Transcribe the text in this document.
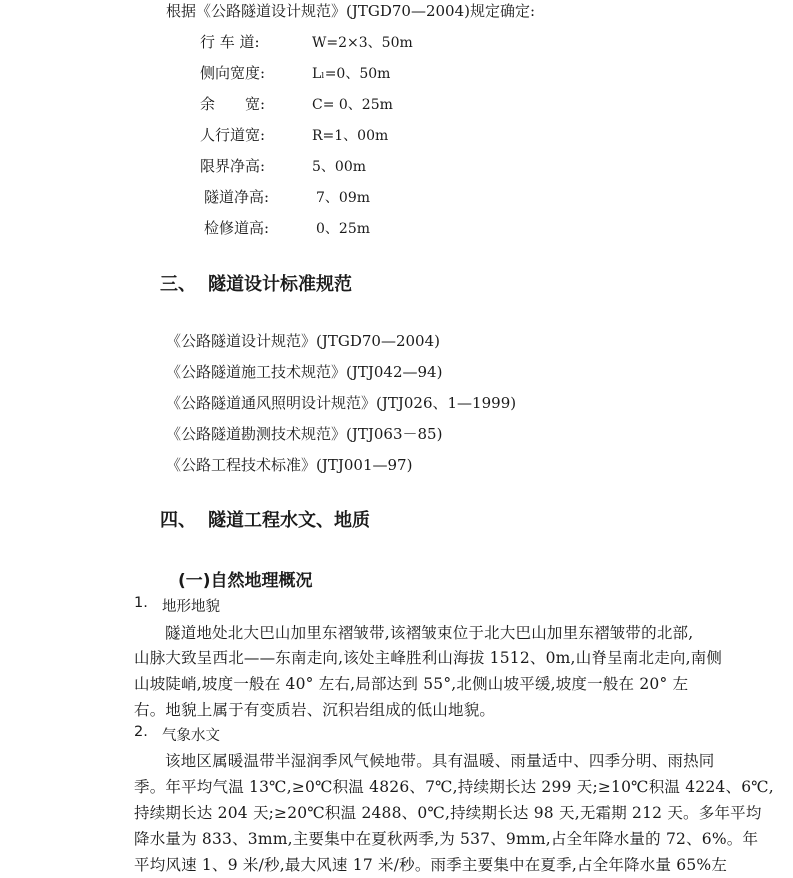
根据《公路隧道设计规范》(JTGD70—2004)规定确定:
行 车 道:	W=2×3、50m
侧向宽度:	Lₗ=0、50m
余　　宽:	C= 0、25m
人行道宽:	R=1、00m
限界净高:	5、00m
隧道净高:	7、09m
检修道高:	0、25m
三、 隧道设计标准规范
《公路隧道设计规范》(JTGD70—2004)
《公路隧道施工技术规范》(JTJ042—94)
《公路隧道通风照明设计规范》(JTJ026、1—1999)
《公路隧道勘测技术规范》(JTJ063－85)
《公路工程技术标准》(JTJ001—97)
四、 隧道工程水文、地质
(一)自然地理概况
1. 地形地貌
隧道地处北大巴山加里东褶皱带,该褶皱束位于北大巴山加里东褶皱带的北部,
山脉大致呈西北——东南走向,该处主峰胜利山海拔 1512、0m,山脊呈南北走向,南侧
山坡陡峭,坡度一般在 40° 左右,局部达到 55°,北侧山坡平缓,坡度一般在 20° 左
右。地貌上属于有变质岩、沉积岩组成的低山地貌。
2. 气象水文
该地区属暖温带半湿润季风气候地带。具有温暖、雨量适中、四季分明、雨热同
季。年平均气温 13℃,≥0℃积温 4826、7℃,持续期长达 299 天;≥10℃积温 4224、6℃,
持续期长达 204 天;≥20℃积温 2488、0℃,持续期长达 98 天,无霜期 212 天。多年平均
降水量为 833、3mm,主要集中在夏秋两季,为 537、9mm,占全年降水量的 72、6%。年
平均风速 1、9 米/秒,最大风速 17 米/秒。雨季主要集中在夏季,占全年降水量 65%左
